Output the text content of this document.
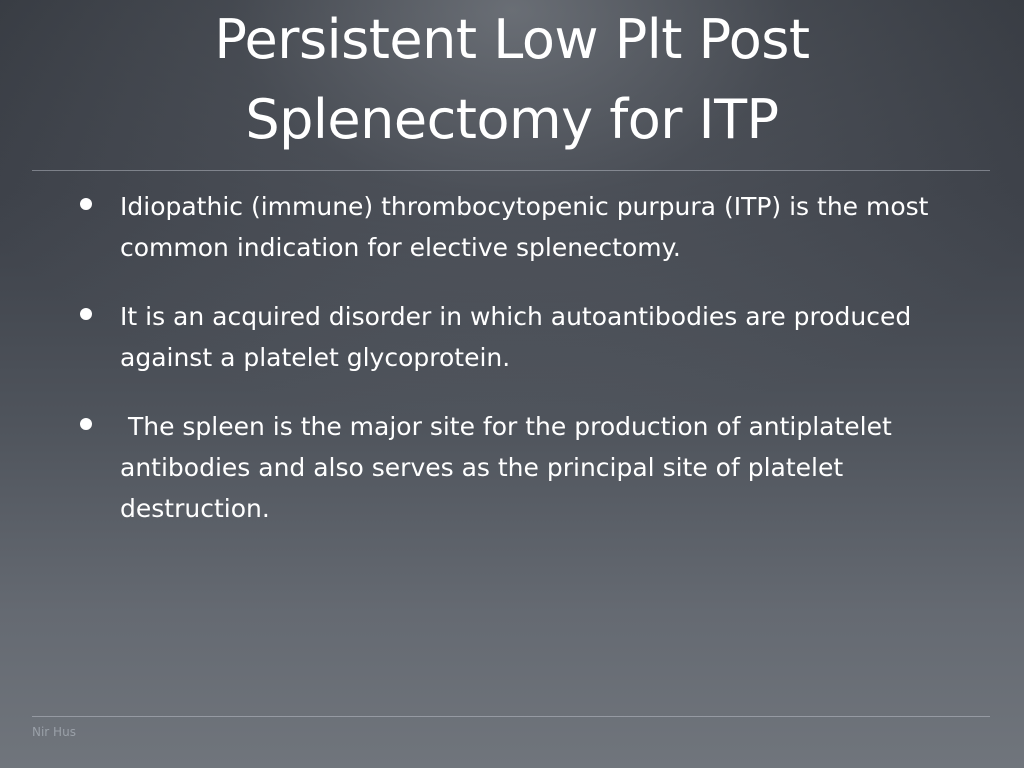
Persistent Low Plt Post
Splenectomy for ITP
Idiopathic (immune) thrombocytopenic purpura (ITP) is the most common indication for elective splenectomy.
It is an acquired disorder in which autoantibodies are produced against a platelet glycoprotein.
The spleen is the major site for the production of antiplatelet antibodies and also serves as the principal site of platelet destruction.
Nir Hus
